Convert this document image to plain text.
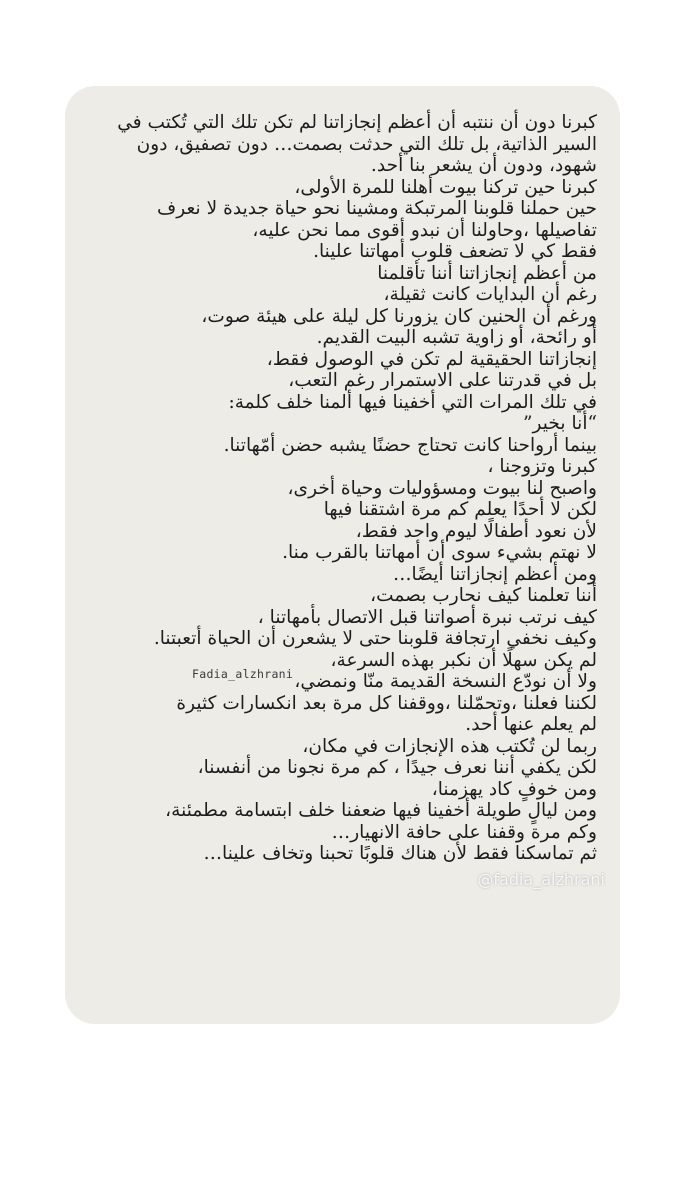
كبرنا دون أن ننتبه أن أعظم إنجازاتنا لم تكن تلك التي تُكتب في
السير الذاتية، بل تلك التي حدثت بصمت… دون تصفيق، دون
شهود، ودون أن يشعر بنا أحد.
كبرنا حين تركنا بيوت أهلنا للمرة الأولى،
حين حملنا قلوبنا المرتبكة ومشينا نحو حياة جديدة لا نعرف
تفاصيلها ،وحاولنا أن نبدو أقوى مما نحن عليه،
فقط كي لا تضعف قلوب أمهاتنا علينا.
من أعظم إنجازاتنا أننا تأقلمنا
رغم أن البدايات كانت ثقيلة،
ورغم أن الحنين كان يزورنا كل ليلة على هيئة صوت،
أو رائحة، أو زاوية تشبه البيت القديم.
إنجازاتنا الحقيقية لم تكن في الوصول فقط،
بل في قدرتنا على الاستمرار رغم التعب،
في تلك المرات التي أخفينا فيها ألمنا خلف كلمة:
“أنا بخير”
بينما أرواحنا كانت تحتاج حضنًا يشبه حضن أمّهاتنا.
كبرنا وتزوجنا ،
واصبح لنا بيوت ومسؤوليات وحياة أخرى،
لكن لا أحدًا يعلم كم مرة اشتقنا فيها
لأن نعود أطفالًا ليوم واحد فقط،
لا نهتم بشيء سوى أن أمهاتنا بالقرب منا.
ومن أعظم إنجازاتنا أيضًا…
أننا تعلمنا كيف نحارب بصمت،
كيف نرتب نبرة أصواتنا قبل الاتصال بأمهاتنا ،
وكيف نخفي ارتجافة قلوبنا حتى لا يشعرن أن الحياة أتعبتنا.
لم يكن سهلًا أن نكبر بهذه السرعة،
ولا أن نودّع النسخة القديمة منّا ونمضي،
لكننا فعلنا ،وتحمّلنا ،ووقفنا كل مرة بعد انكسارات كثيرة
لم يعلم عنها أحد.
ربما لن تُكتب هذه الإنجازات في مكان،
لكن يكفي أننا نعرف جيدًا ، كم مرة نجونا من أنفسنا،
ومن خوفٍ كاد يهزمنا،
ومن ليالٍ طويلة أخفينا فيها ضعفنا خلف ابتسامة مطمئنة،
وكم مرة وقفنا على حافة الانهيار…
ثم تماسكنا فقط لأن هناك قلوبًا تحبنا وتخاف علينا…
Fadia_alzhrani
@fadia_alzhrani
